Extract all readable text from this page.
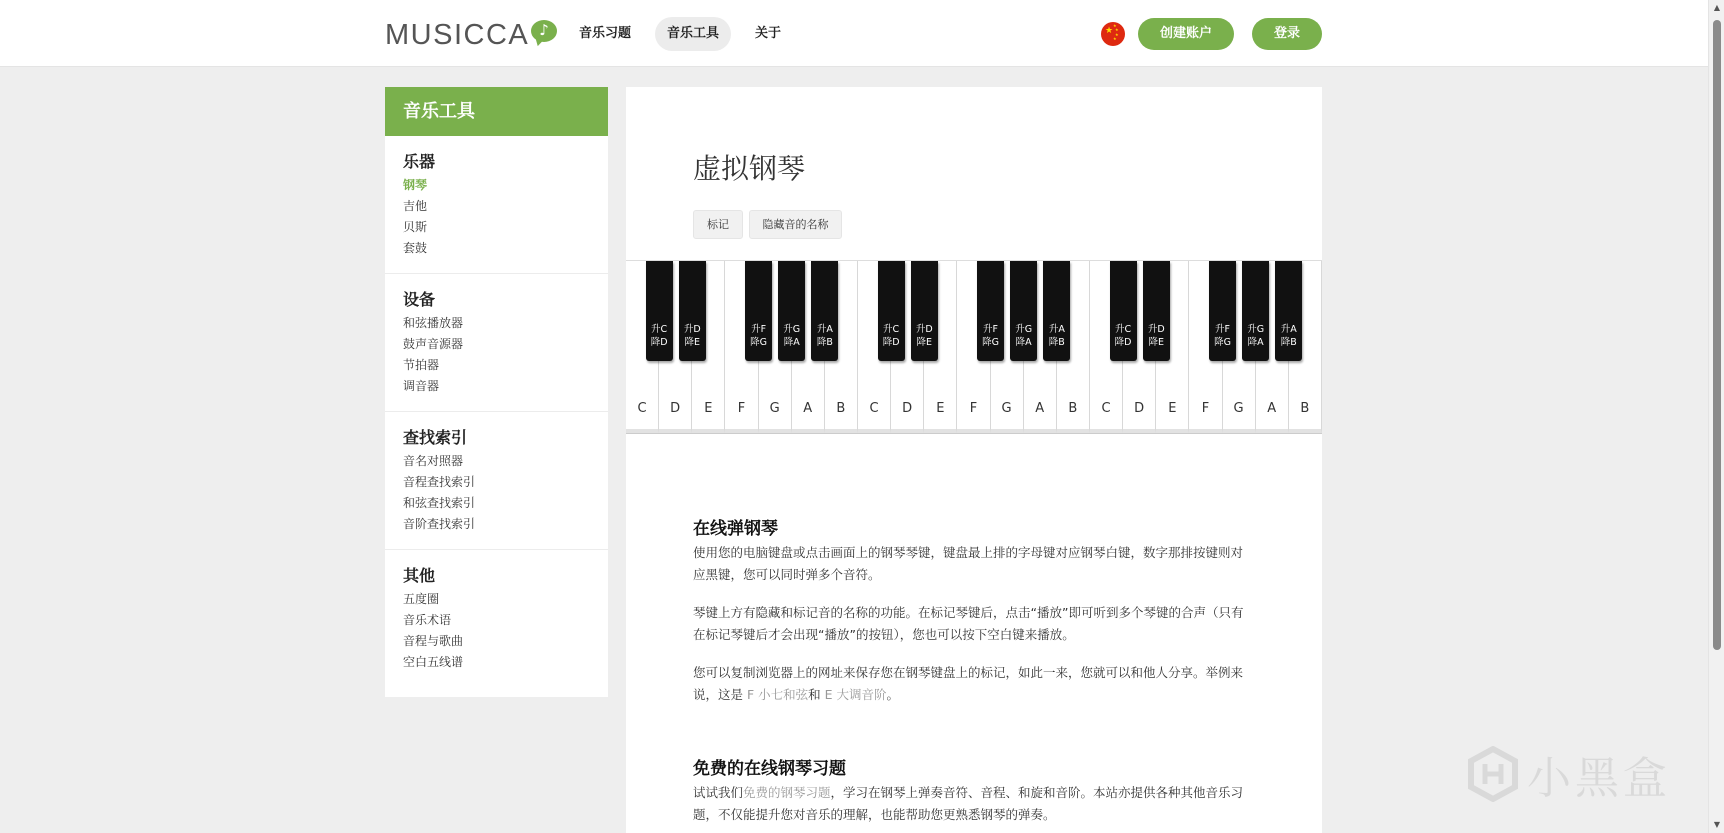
MUSICCA ♪	音乐习题	音乐工具	关于	★
★
★
★
★	创建账户	登录
音乐工具
乐器
钢琴
吉他
贝斯
套鼓
设备
和弦播放器
鼓声音源器
节拍器
调音器
查找索引
音名对照器
音程查找索引
和弦查找索引
音阶查找索引
其他
五度圈
音乐术语
音程与歌曲
空白五线谱
虚拟钢琴
标记	隐藏音的名称
C	D	E	F	G	A	B	C	D	E	F	G	A	B	C	D	E	F	G	A	B
升C
降D
升D
降E
升F
降G
升G
降A
升A
降B
升C
降D
升D
降E
升F
降G
升G
降A
升A
降B
升C
降D
升D
降E
升F
降G
升G
降A
升A
降B
在线弹钢琴

使用您的电脑键盘或点击画面上的钢琴琴键，键盘最上排的字母键对应钢琴白键，数字那排按键则对应黑键，您可以同时弹多个音符。

琴键上方有隐藏和标记音的名称的功能。在标记琴键后，点击“播放”即可听到多个琴键的合声（只有在标记琴键后才会出现“播放”的按钮），您也可以按下空白键来播放。

您可以复制浏览器上的网址来保存您在钢琴键盘上的标记，如此一来，您就可以和他人分享。举例来说，这是 F 小七和弦和 E 大调音阶。

免费的在线钢琴习题

试试我们免费的钢琴习题，学习在钢琴上弹奏音符、音程、和旋和音阶。本站亦提供各种其他音乐习题，不仅能提升您对音乐的理解，也能帮助您更熟悉钢琴的弹奏。

▲
▼
小黑盒
